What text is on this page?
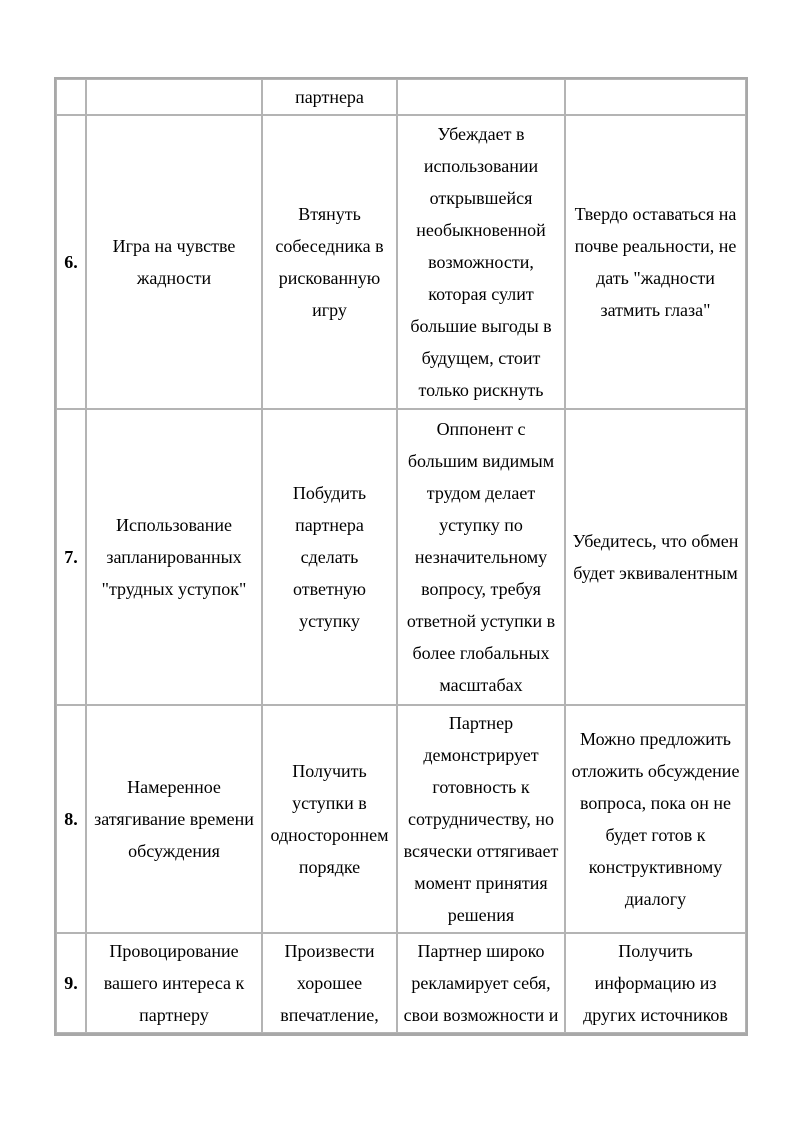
		партнера		
6.	Игра на чувстве жадности	Втянуть собеседника в рискованную игру	Убеждает в использовании открывшейся необыкновенной возможности, которая сулит большие выгоды в будущем, стоит только рискнуть	Твердо оставаться на почве реальности, не дать "жадности затмить глаза"
7.	Использование запланированных "трудных уступок"	Побудить партнера сделать ответную уступку	Оппонент с большим видимым трудом делает уступку по незначительному вопросу, требуя ответной уступки в более глобальных масштабах	Убедитесь, что обмен будет эквивалентным
8.	Намеренное затягивание времени обсуждения	Получить уступки в одностороннем порядке	Партнер демонстрирует готовность к сотрудничеству, но всячески оттягивает момент принятия решения	Можно предложить отложить обсуждение вопроса, пока он не будет готов к конструктивному диалогу
9.	Провоцирование вашего интереса к партнеру	Произвести хорошее впечатление,	Партнер широко рекламирует себя, свои возможности и	Получить информацию из других источников
